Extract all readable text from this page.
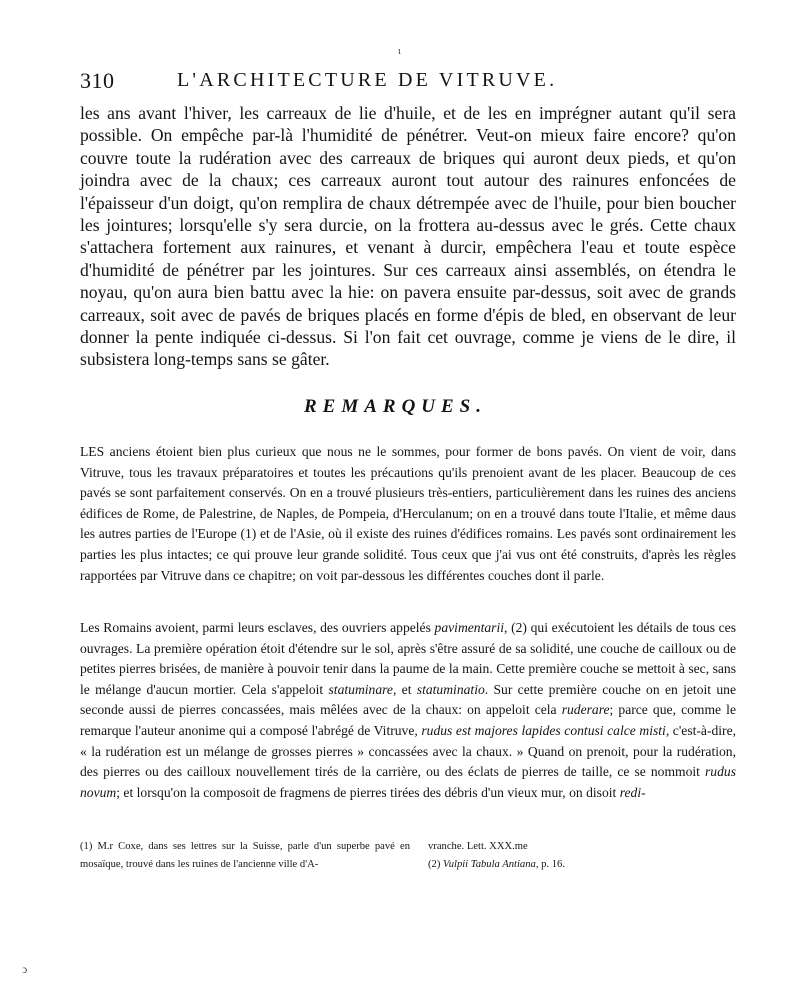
ι
310	L'ARCHITECTURE DE VITRUVE.

les ans avant l'hiver, les carreaux de lie d'huile, et de les en imprégner autant qu'il sera possible. On empêche par-là l'humidité de pénétrer. Veut-on mieux faire encore? qu'on couvre toute la rudération avec des carreaux de briques qui auront deux pieds, et qu'on joindra avec de la chaux; ces carreaux auront tout autour des rainures enfoncées de l'épaisseur d'un doigt, qu'on remplira de chaux détrempée avec de l'huile, pour bien boucher les jointures; lorsqu'elle s'y sera durcie, on la frottera au-dessus avec le grés. Cette chaux s'attachera fortement aux rainures, et venant à durcir, empêchera l'eau et toute espèce d'humidité de pénétrer par les jointures. Sur ces carreaux ainsi assemblés, on étendra le noyau, qu'on aura bien battu avec la hie: on pavera ensuite par-dessus, soit avec de grands carreaux, soit avec de pavés de briques placés en forme d'épis de bled, en observant de leur donner la pente indiquée ci-dessus. Si l'on fait cet ouvrage, comme je viens de le dire, il subsistera long-temps sans se gâter.

REMARQUES.

LES anciens étoient bien plus curieux que nous ne le sommes, pour former de bons pavés. On vient de voir, dans Vitruve, tous les travaux préparatoires et toutes les précautions qu'ils prenoient avant de les placer. Beaucoup de ces pavés se sont parfaitement conservés. On en a trouvé plusieurs très-entiers, particulièrement dans les ruines des anciens édifices de Rome, de Palestrine, de Naples, de Pompeia, d'Herculanum; on en a trouvé dans toute l'Italie, et même daus les autres parties de l'Europe (1) et de l'Asie, où il existe des ruines d'édifices romains. Les pavés sont ordinairement les parties les plus intactes; ce qui prouve leur grande solidité. Tous ceux que j'ai vus ont été construits, d'après les règles rapportées par Vitruve dans ce chapitre; on voit par-dessous les différentes couches dont il parle.

Les Romains avoient, parmi leurs esclaves, des ouvriers appelés pavimentarii, (2) qui exécutoient les détails de tous ces ouvrages. La première opération étoit d'étendre sur le sol, après s'être assuré de sa solidité, une couche de cailloux ou de petites pierres brisées, de manière à pouvoir tenir dans la paume de la main. Cette première couche se mettoit à sec, sans le mélange d'aucun mortier. Cela s'appeloit statuminare, et statuminatio. Sur cette première couche on en jetoit une seconde aussi de pierres concassées, mais mêlées avec de la chaux: on appeloit cela ruderare; parce que, comme le remarque l'auteur anonime qui a composé l'abrégé de Vitruve, rudus est majores lapides contusi calce misti, c'est-à-dire, « la rudération est un mélange de grosses pierres » concassées avec la chaux. » Quand on prenoit, pour la rudération, des pierres ou des cailloux nouvellement tirés de la carrière, ou des éclats de pierres de taille, ce se nommoit rudus novum; et lorsqu'on la composoit de fragmens de pierres tirées des débris d'un vieux mur, on disoit redi-

(1) M.r Coxe, dans ses lettres sur la Suisse, parle d'un superbe pavé en mosaïque, trouvé dans les ruines de l'ancienne ville d'A-

vranche. Lett. XXX.me
(2) Vulpii Tabula Antiana, p. 16.

ↄ
